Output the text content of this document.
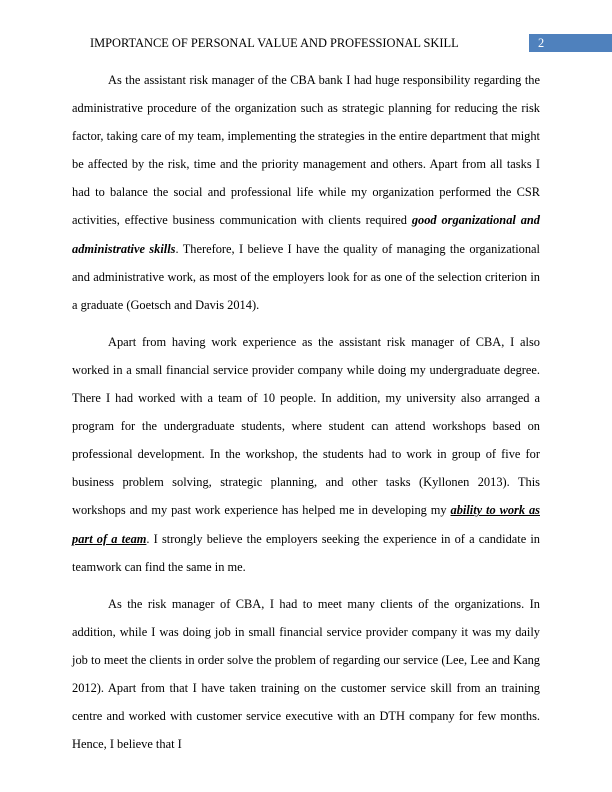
IMPORTANCE OF PERSONAL VALUE AND PROFESSIONAL SKILL	2

As the assistant risk manager of the CBA bank I had huge responsibility regarding the administrative procedure of the organization such as strategic planning for reducing the risk factor, taking care of my team, implementing the strategies in the entire department that might be affected by the risk, time and the priority management and others. Apart from all tasks I had to balance the social and professional life while my organization performed the CSR activities, effective business communication with clients required good organizational and administrative skills. Therefore, I believe I have the quality of managing the organizational and administrative work, as most of the employers look for as one of the selection criterion in a graduate (Goetsch and Davis 2014).

Apart from having work experience as the assistant risk manager of CBA, I also worked in a small financial service provider company while doing my undergraduate degree. There I had worked with a team of 10 people. In addition, my university also arranged a program for the undergraduate students, where student can attend workshops based on professional development. In the workshop, the students had to work in group of five for business problem solving, strategic planning, and other tasks (Kyllonen 2013). This workshops and my past work experience has helped me in developing my ability to work as part of a team. I strongly believe the employers seeking the experience in of a candidate in teamwork can find the same in me.

As the risk manager of CBA, I had to meet many clients of the organizations. In addition, while I was doing job in small financial service provider company it was my daily job to meet the clients in order solve the problem of regarding our service (Lee, Lee and Kang 2012). Apart from that I have taken training on the customer service skill from an training centre and worked with customer service executive with an DTH company for few months. Hence, I believe that I
